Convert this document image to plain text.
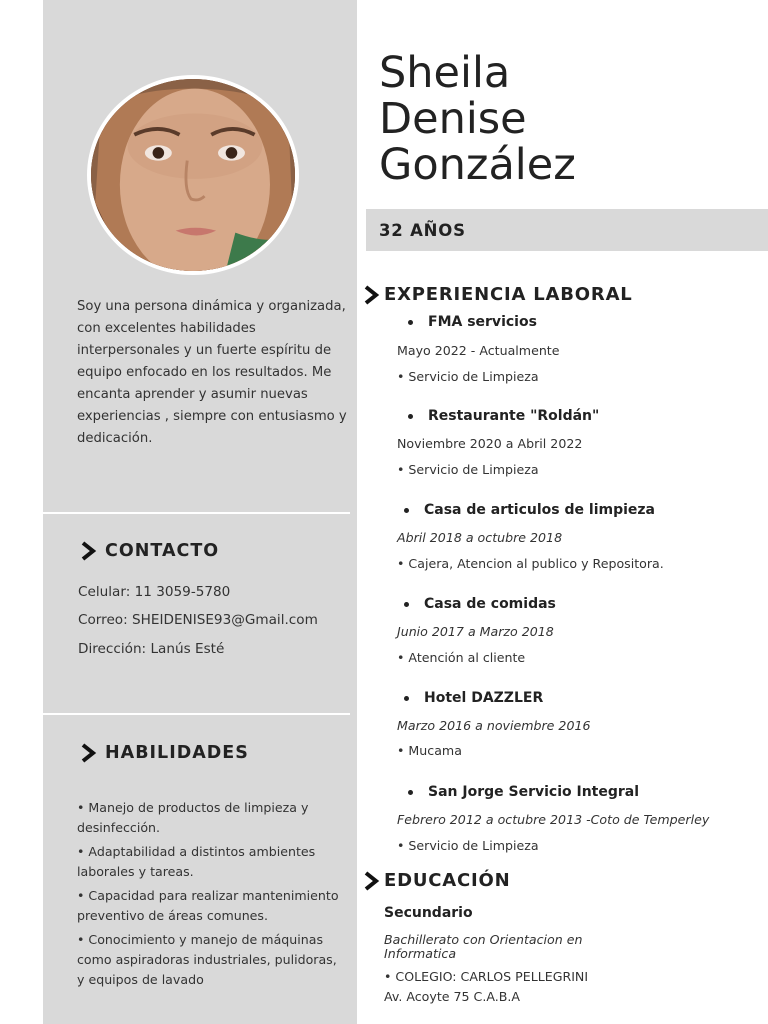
Soy una persona dinámica y organizada, con excelentes habilidades interpersonales y un fuerte espíritu de equipo enfocado en los resultados. Me encanta aprender y asumir nuevas experiencias , siempre con entusiasmo y dedicación.

CONTACTO
Celular: 11 3059-5780
Correo: SHEIDENISE93@Gmail.com
Dirección: Lanús Esté
HABILIDADES
• Manejo de productos de limpieza y desinfección.
• Adaptabilidad a distintos ambientes laborales y tareas.
• Capacidad para realizar mantenimiento preventivo de áreas comunes.
• Conocimiento y manejo de máquinas como aspiradoras industriales, pulidoras, y equipos de lavado
Sheila
Denise
González
32 AÑOS
EXPERIENCIA LABORAL
FMA servicios
Mayo 2022 - Actualmente
• Servicio de Limpieza
Restaurante "Roldán"
Noviembre 2020 a Abril 2022
• Servicio de Limpieza
Casa de articulos de limpieza
Abril 2018 a octubre 2018
• Cajera, Atencion al publico y Repositora.
Casa de comidas
Junio 2017 a Marzo 2018
• Atención al cliente
Hotel DAZZLER
Marzo 2016 a noviembre 2016
• Mucama
San Jorge Servicio Integral
Febrero 2012 a octubre 2013 -Coto de Temperley
• Servicio de Limpieza
EDUCACIÓN
Secundario
Bachillerato con Orientacion en
Informatica
• COLEGIO: CARLOS PELLEGRINI
Av. Acoyte 75 C.A.B.A
